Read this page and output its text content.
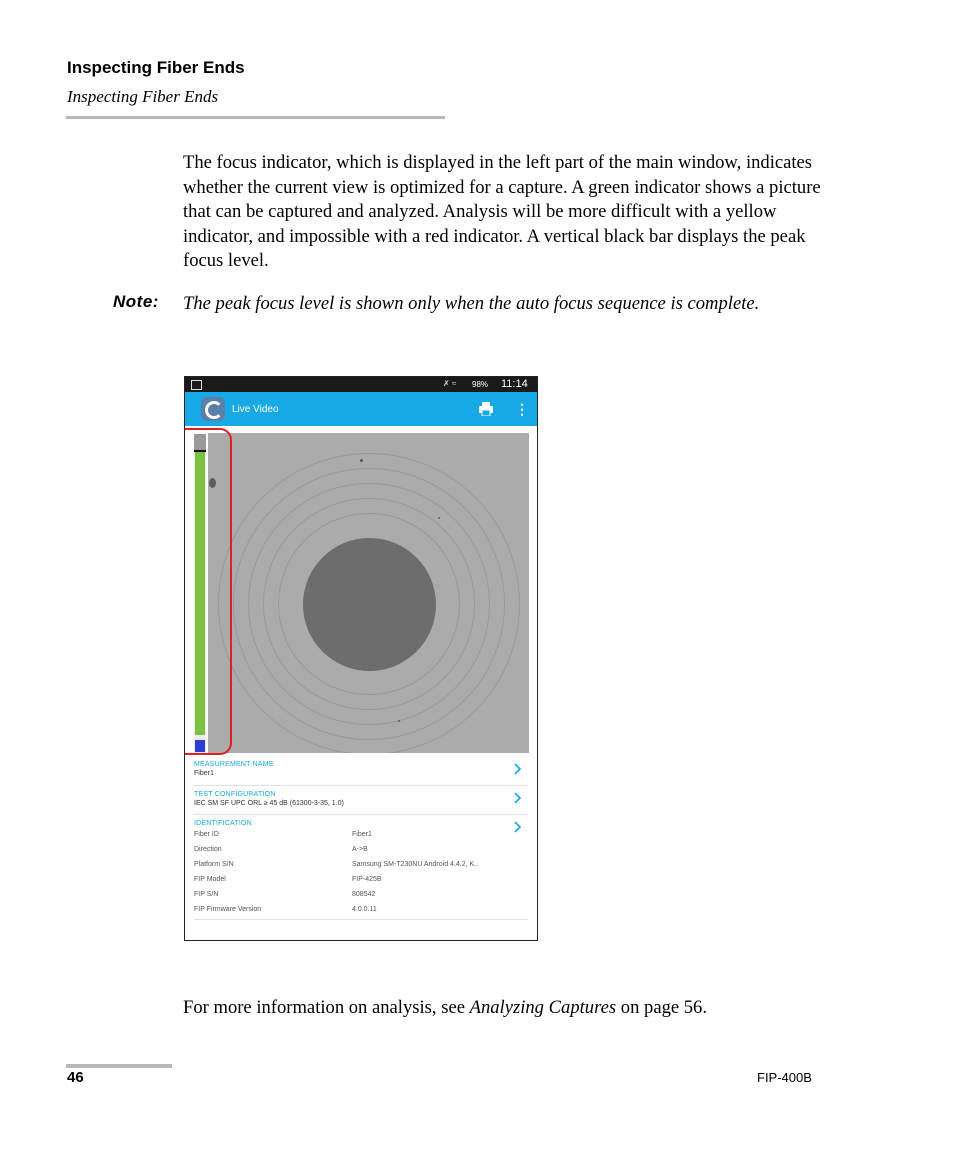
Inspecting Fiber Ends
Inspecting Fiber Ends
The focus indicator, which is displayed in the left part of the main window, indicates whether the current view is optimized for a capture. A green indicator shows a picture that can be captured and analyzed. Analysis will be more difficult with a yellow indicator, and impossible with a red indicator. A vertical black bar displays the peak focus level.
Note: The peak focus level is shown only when the auto focus sequence is complete.
✗ ≈ 98% 11:14
Live Video	⋮
MEASUREMENT NAME
Fiber1
TEST CONFIGURATION
IEC SM SF UPC ORL ≥ 45 dB (61300-3-35, 1.0)
IDENTIFICATION
Fiber ID	Fiber1
Direction	A->B
Platform S/N	Samsung SM-T230NU Android 4.4.2, K..
FIP Model	FIP-425B
FIP S/N	808542
FIP Firmware Version	4.0.0.11
For more information on analysis, see Analyzing Captures on page 56.
46	FIP-400B
